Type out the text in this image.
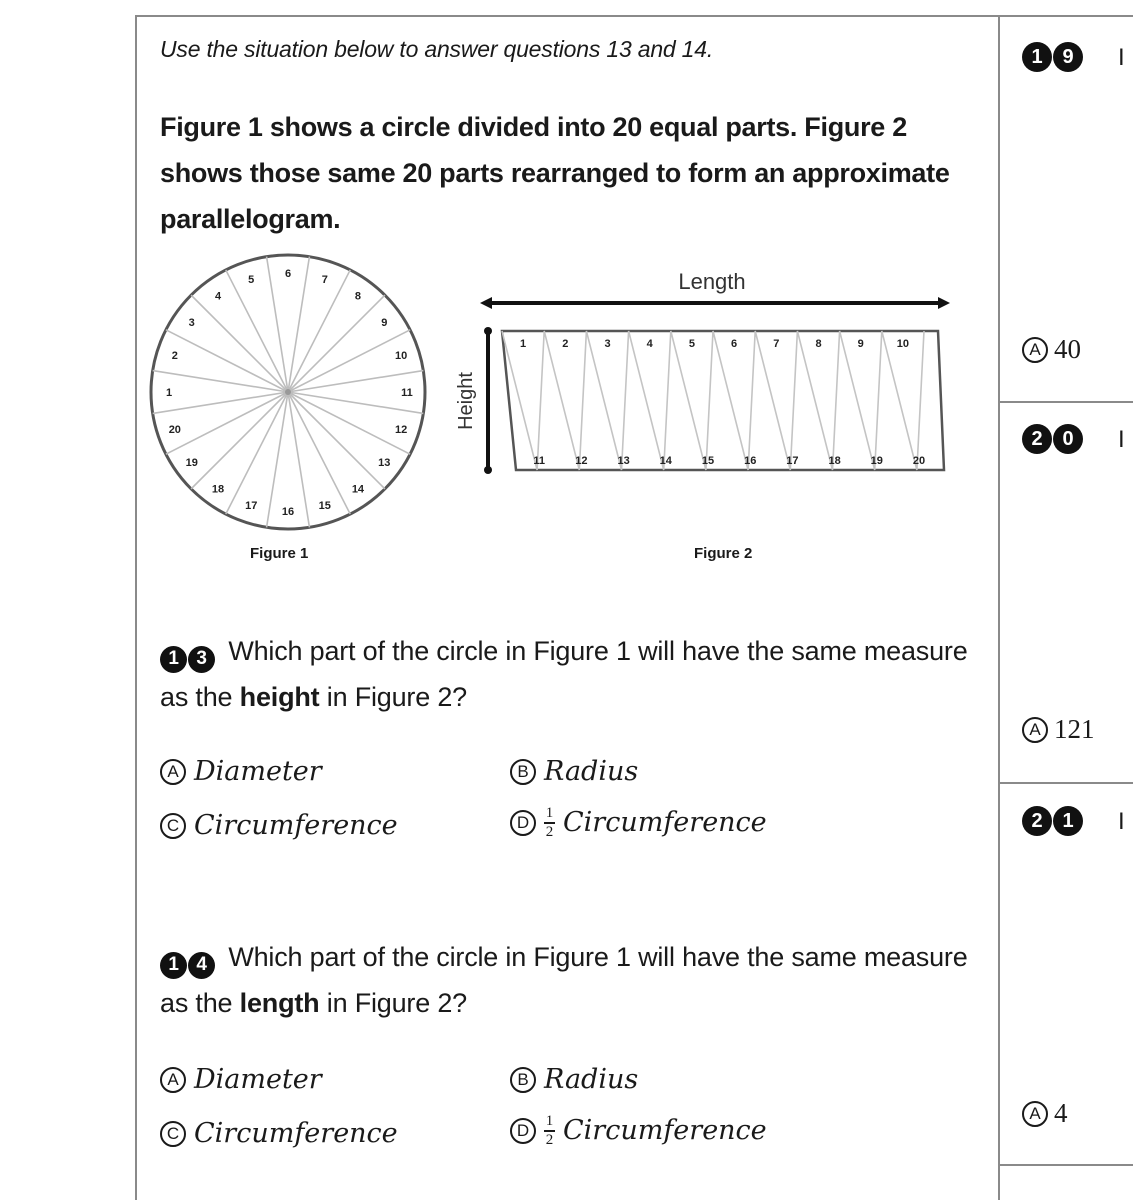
Use the situation below to answer questions 13 and 14.
Figure 1 shows a circle divided into 20 equal parts. Figure 2 shows those same 20 parts rearranged to form an approximate parallelogram.
1
2
3
4
5	6	7
8
9
10
11
12
13
14
15
16
17
18
19
20
Figure 1
Length
Height
1	2	3	4	5	6	7	8	9	10
11	12	13	14	15	16	17	18	19	20
Figure 2
1 3 Which part of the circle in Figure 1 will have the same measure as the height in Figure 2?
A Diameter	B Radius
C Circumference	D $\frac{1}{2}$ Circumference
1 4 Which part of the circle in Figure 1 will have the same measure as the length in Figure 2?
A Diameter	B Radius
C Circumference	D $\frac{1}{2}$ Circumference
1 9	I
A 40
2 0	I
A 121
2 1	I
A 4
